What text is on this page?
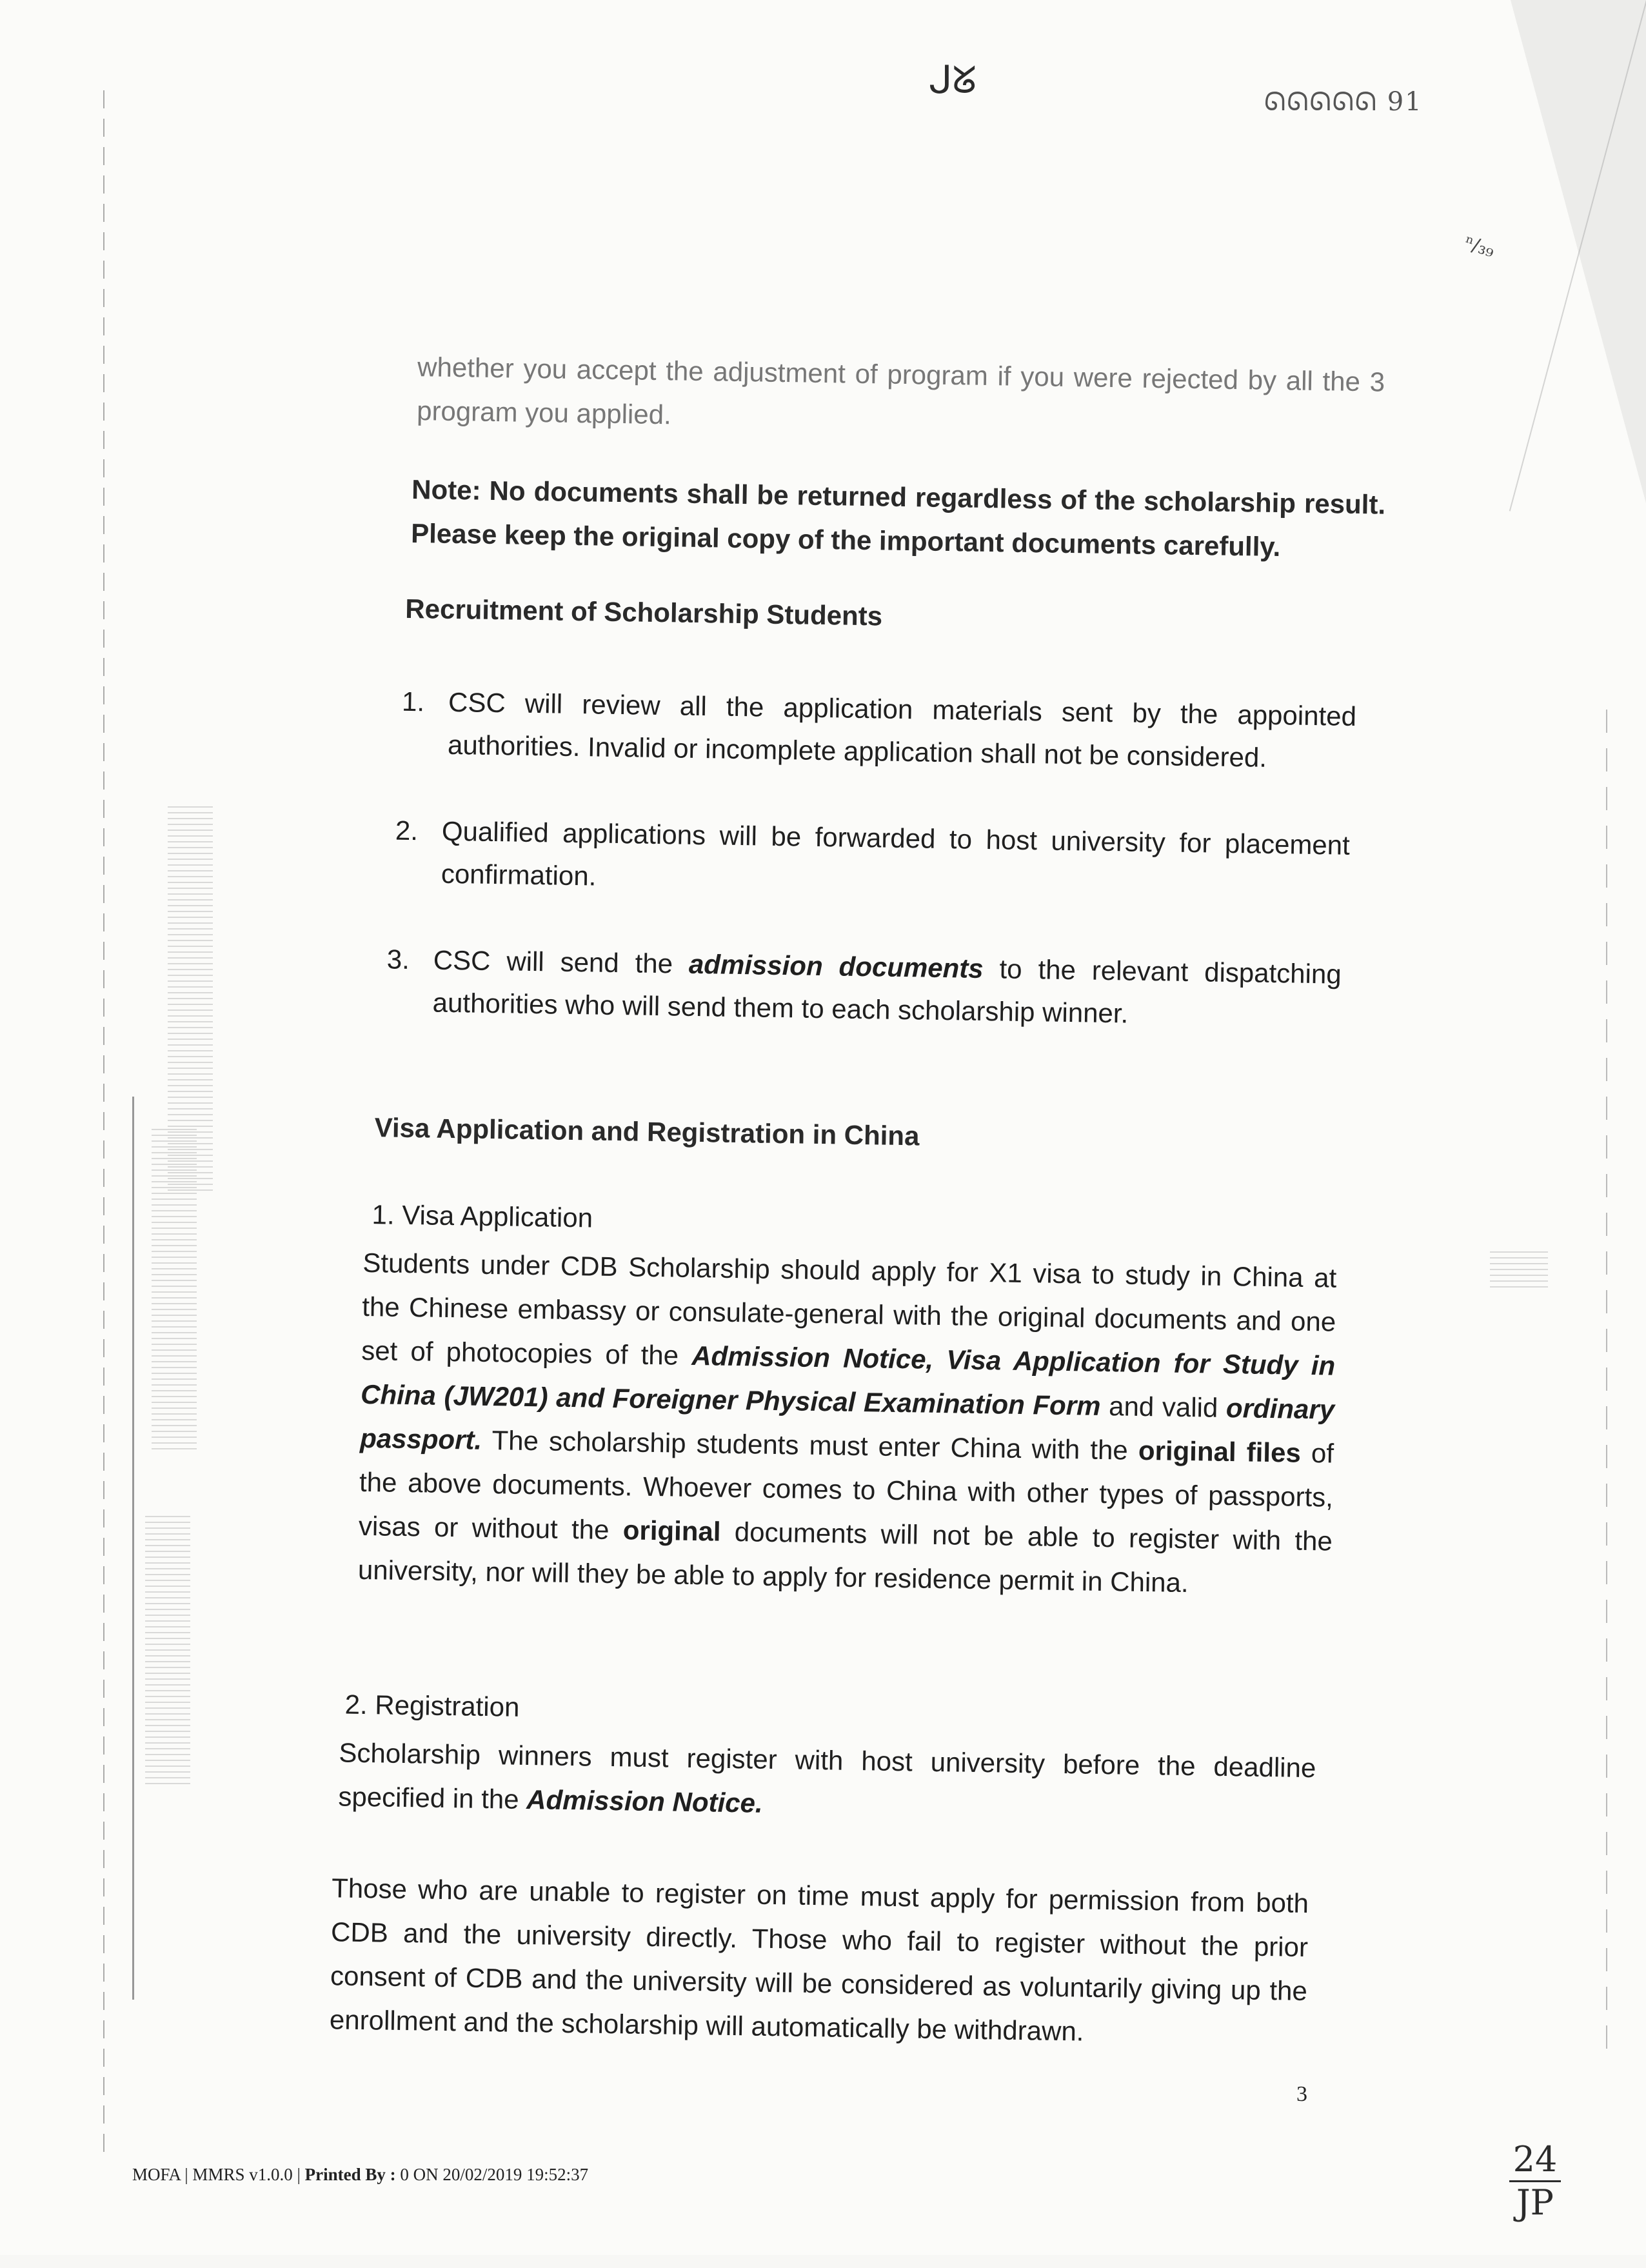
ᒍᘜ	ᘏᘏᘏᘏᘏ 91
ⁿ/₃₉
24
JP
whether you accept the adjustment of program if you were rejected by all the 3 program you applied.
Note: No documents shall be returned regardless of the scholarship result. Please keep the original copy of the important documents carefully.
Recruitment of Scholarship Students
1. CSC will review all the application materials sent by the appointed authorities. Invalid or incomplete application shall not be considered.
2. Qualified applications will be forwarded to host university for placement confirmation.
3. CSC will send the admission documents to the relevant dispatching authorities who will send them to each scholarship winner.
Visa Application and Registration in China
1. Visa Application
Students under CDB Scholarship should apply for X1 visa to study in China at the Chinese embassy or consulate-general with the original documents and one set of photocopies of the Admission Notice, Visa Application for Study in China (JW201) and Foreigner Physical Examination Form and valid ordinary passport. The scholarship students must enter China with the original files of the above documents. Whoever comes to China with other types of passports, visas or without the original documents will not be able to register with the university, nor will they be able to apply for residence permit in China.
2. Registration
Scholarship winners must register with host university before the deadline specified in the Admission Notice.
Those who are unable to register on time must apply for permission from both CDB and the university directly. Those who fail to register without the prior consent of CDB and the university will be considered as voluntarily giving up the enrollment and the scholarship will automatically be withdrawn.
3
MOFA | MMRS v1.0.0 | Printed By : 0 ON 20/02/2019 19:52:37
